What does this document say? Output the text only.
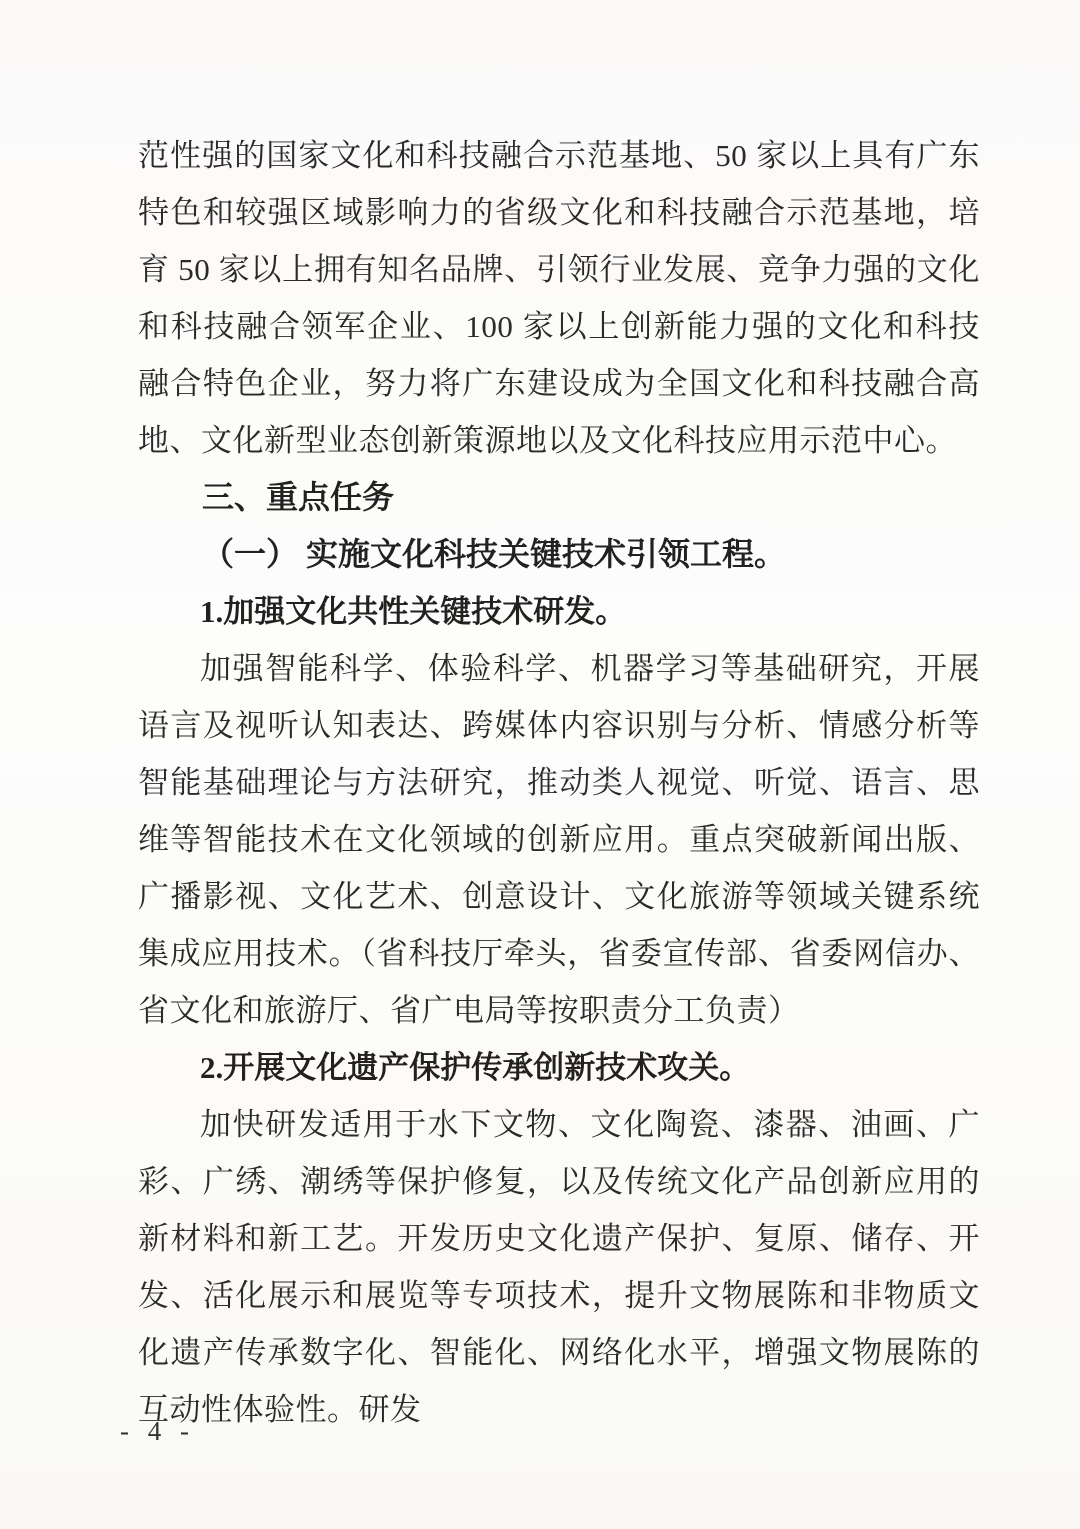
范性强的国家文化和科技融合示范基地、50 家以上具有广东特色和较强区域影响力的省级文化和科技融合示范基地，培育 50 家以上拥有知名品牌、引领行业发展、竞争力强的文化和科技融合领军企业、100 家以上创新能力强的文化和科技融合特色企业，努力将广东建设成为全国文化和科技融合高地、文化新型业态创新策源地以及文化科技应用示范中心。

三、重点任务
（一） 实施文化科技关键技术引领工程。
1.加强文化共性关键技术研发。

加强智能科学、体验科学、机器学习等基础研究，开展语言及视听认知表达、跨媒体内容识别与分析、情感分析等智能基础理论与方法研究，推动类人视觉、听觉、语言、思维等智能技术在文化领域的创新应用。重点突破新闻出版、广播影视、文化艺术、创意设计、文化旅游等领域关键系统集成应用技术。（省科技厅牵头，省委宣传部、省委网信办、省文化和旅游厅、省广电局等按职责分工负责）

2.开展文化遗产保护传承创新技术攻关。

加快研发适用于水下文物、文化陶瓷、漆器、油画、广彩、广绣、潮绣等保护修复，以及传统文化产品创新应用的新材料和新工艺。开发历史文化遗产保护、复原、储存、开发、活化展示和展览等专项技术，提升文物展陈和非物质文化遗产传承数字化、智能化、网络化水平，增强文物展陈的互动性体验性。研发

- 4 -
